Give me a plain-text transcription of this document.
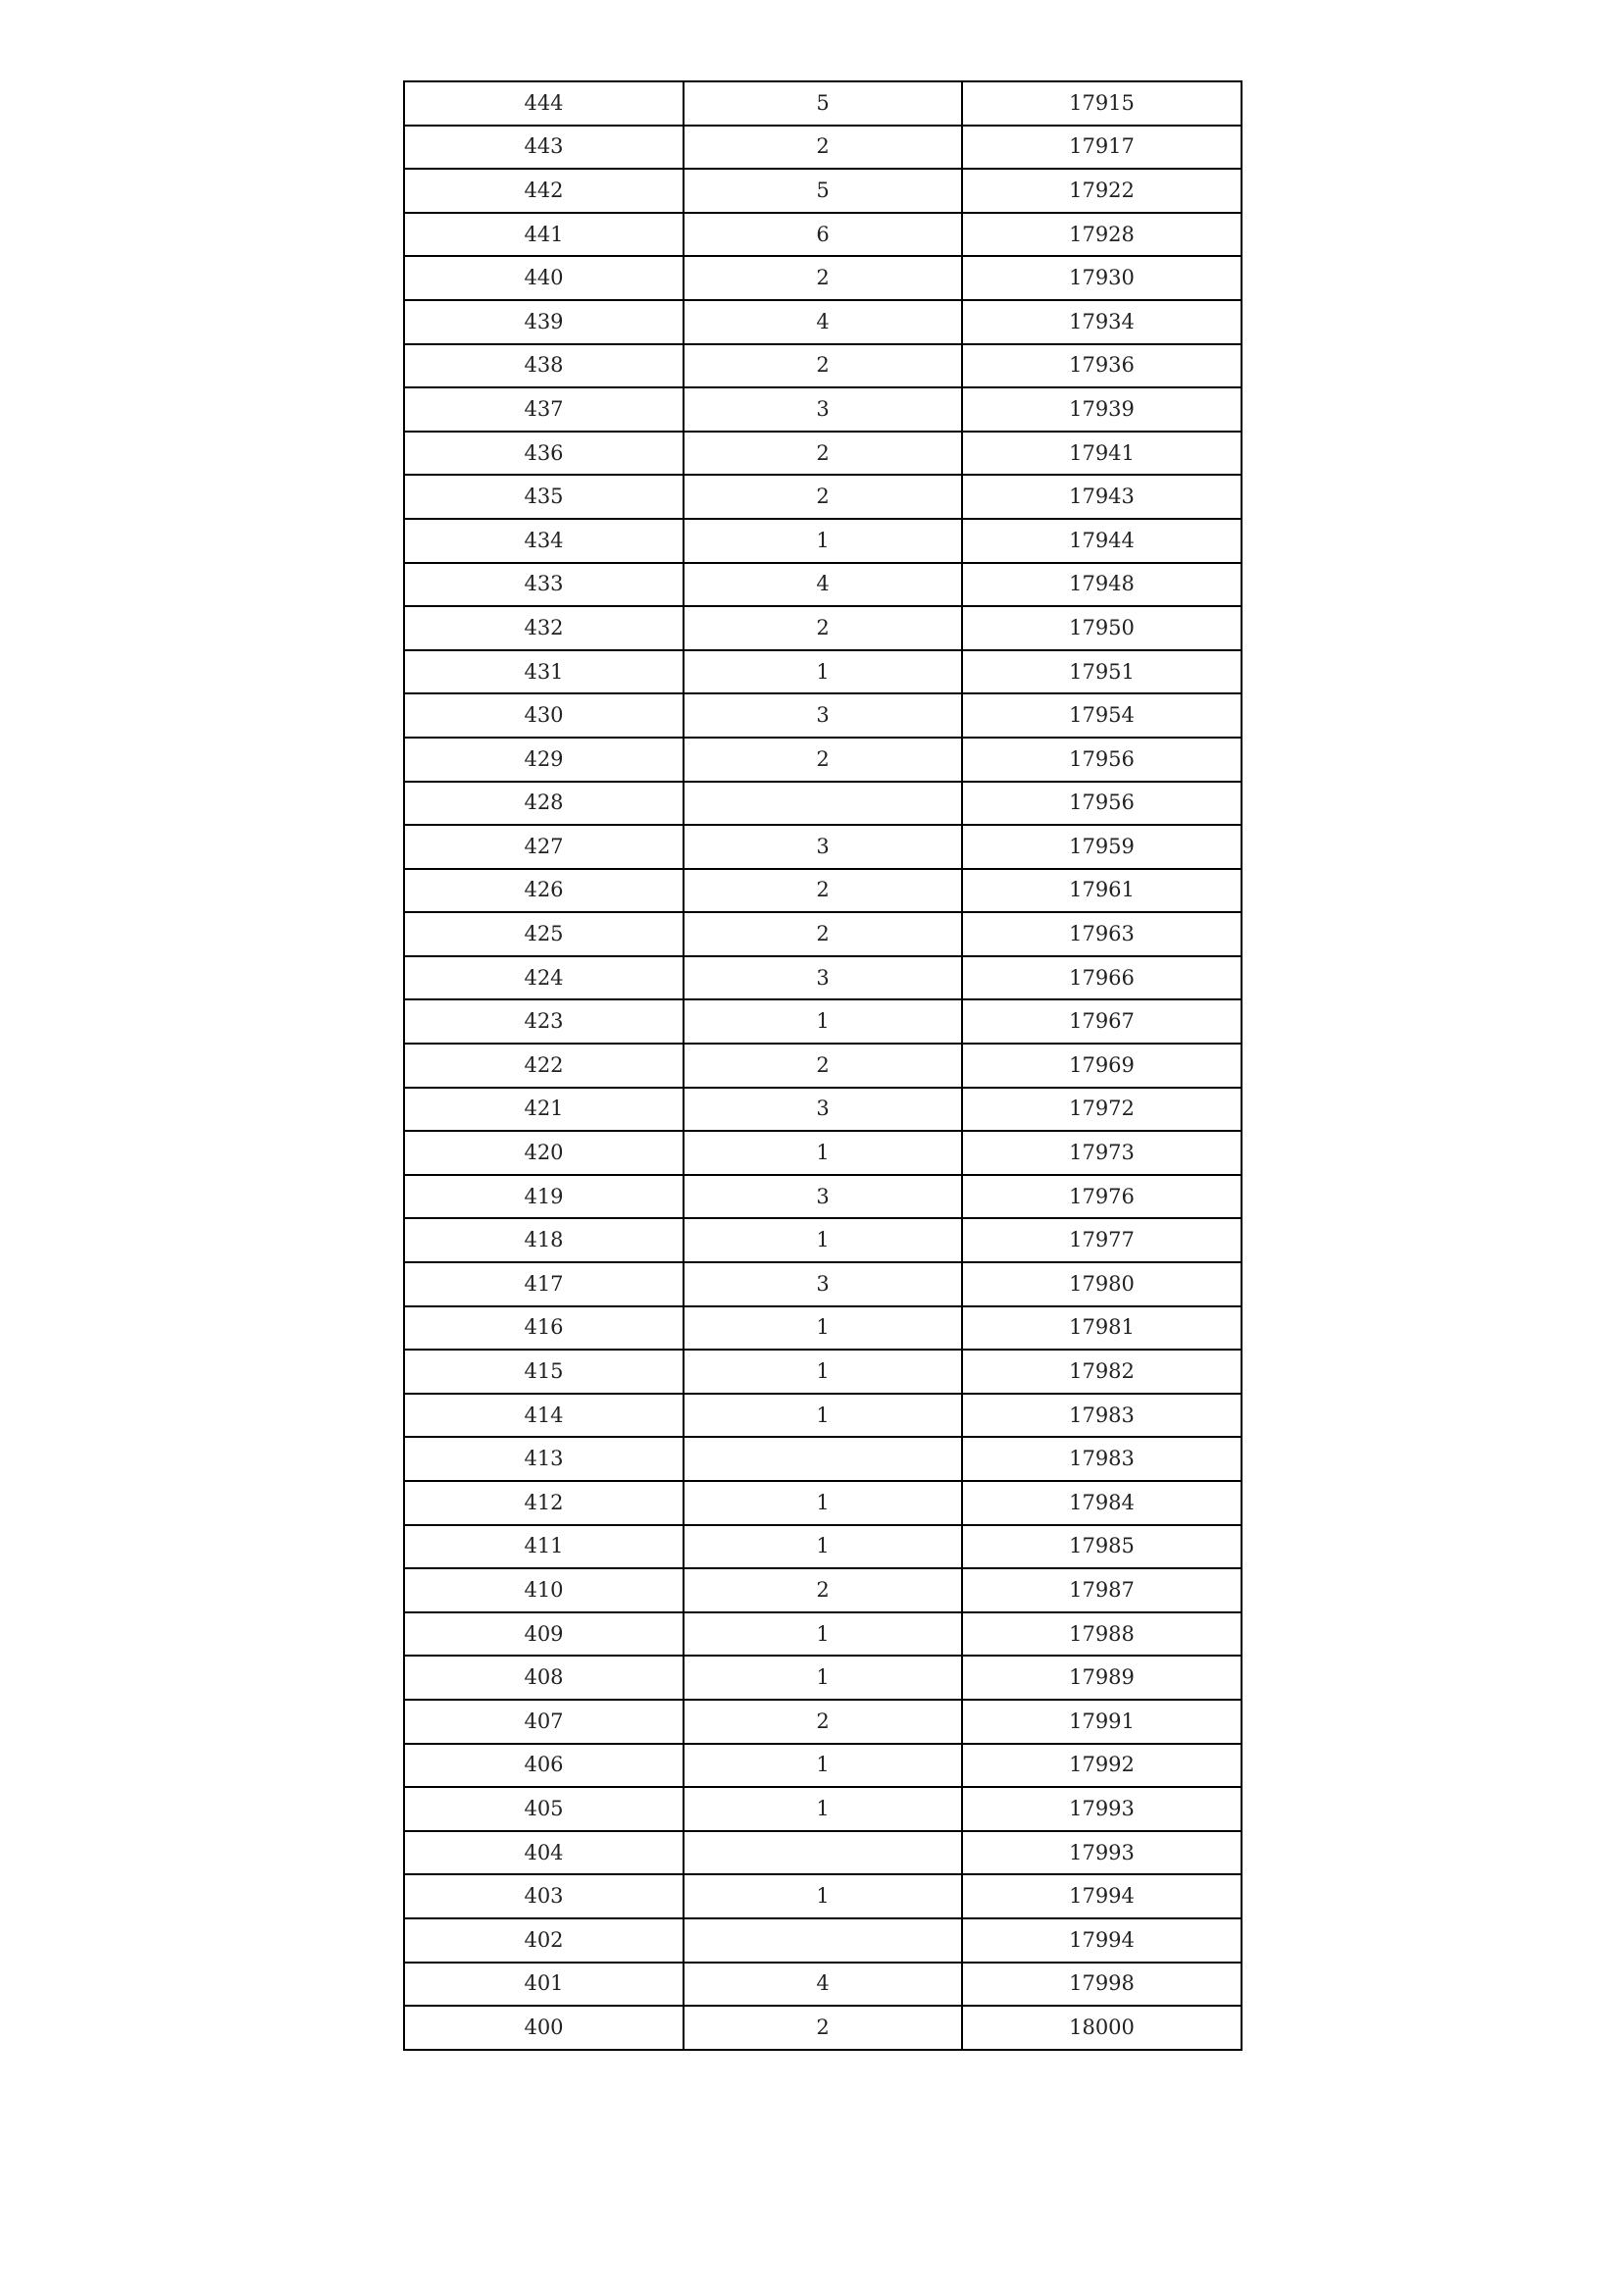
444	5	17915
443	2	17917
442	5	17922
441	6	17928
440	2	17930
439	4	17934
438	2	17936
437	3	17939
436	2	17941
435	2	17943
434	1	17944
433	4	17948
432	2	17950
431	1	17951
430	3	17954
429	2	17956
428		17956
427	3	17959
426	2	17961
425	2	17963
424	3	17966
423	1	17967
422	2	17969
421	3	17972
420	1	17973
419	3	17976
418	1	17977
417	3	17980
416	1	17981
415	1	17982
414	1	17983
413		17983
412	1	17984
411	1	17985
410	2	17987
409	1	17988
408	1	17989
407	2	17991
406	1	17992
405	1	17993
404		17993
403	1	17994
402		17994
401	4	17998
400	2	18000
